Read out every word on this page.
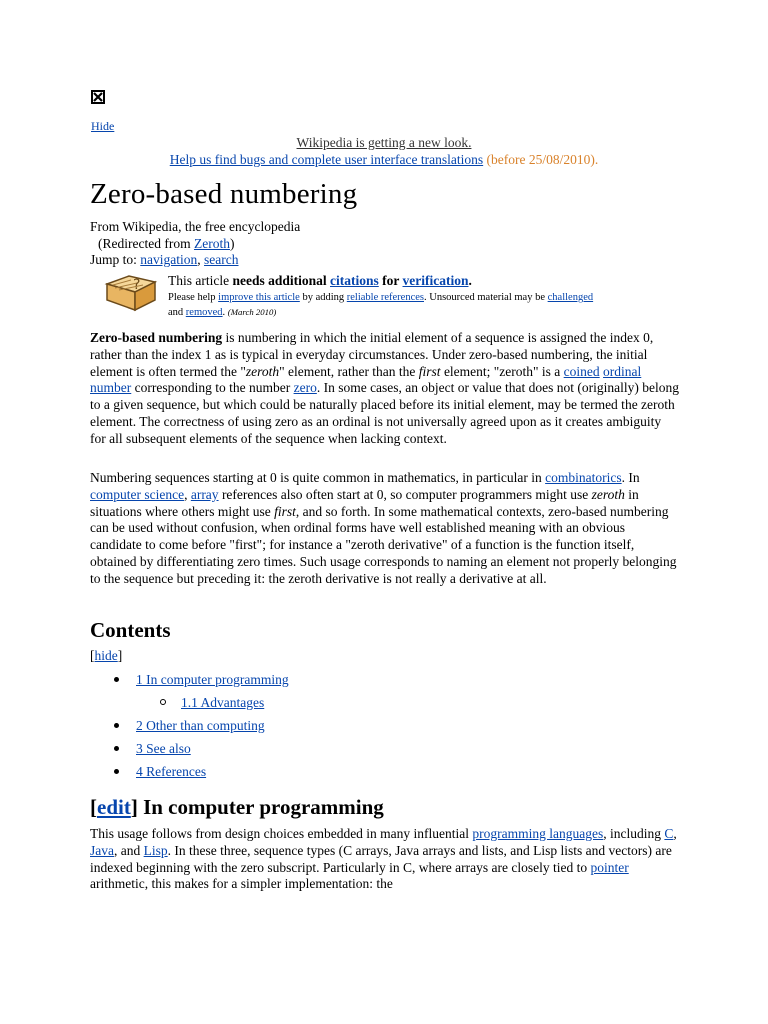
Hide
Wikipedia is getting a new look.
Help us find bugs and complete user interface translations (before 25/08/2010).
Zero-based numbering
From Wikipedia, the free encyclopedia
(Redirected from Zeroth)
Jump to: navigation, search
? This article needs additional citations for verification.
Please help improve this article by adding reliable references. Unsourced material may be challenged
and removed. (March 2010)
Zero-based numbering is numbering in which the initial element of a sequence is assigned the index 0, rather than the index 1 as is typical in everyday circumstances. Under zero-based numbering, the initial element is often termed the "zeroth" element, rather than the first element; "zeroth" is a coined ordinal number corresponding to the number zero. In some cases, an object or value that does not (originally) belong to a given sequence, but which could be naturally placed before its initial element, may be termed the zeroth element. The correctness of using zero as an ordinal is not universally agreed upon as it creates ambiguity for all subsequent elements of the sequence when lacking context.
Numbering sequences starting at 0 is quite common in mathematics, in particular in combinatorics. In computer science, array references also often start at 0, so computer programmers might use zeroth in situations where others might use first, and so forth. In some mathematical contexts, zero-based numbering can be used without confusion, when ordinal forms have well established meaning with an obvious candidate to come before "first"; for instance a "zeroth derivative" of a function is the function itself, obtained by differentiating zero times. Such usage corresponds to naming an element not properly belonging to the sequence but preceding it: the zeroth derivative is not really a derivative at all.
Contents
[hide]
1 In computer programming
1.1 Advantages
2 Other than computing
3 See also
4 References
[edit] In computer programming
This usage follows from design choices embedded in many influential programming languages, including C, Java, and Lisp. In these three, sequence types (C arrays, Java arrays and lists, and Lisp lists and vectors) are indexed beginning with the zero subscript. Particularly in C, where arrays are closely tied to pointer arithmetic, this makes for a simpler implementation: the
